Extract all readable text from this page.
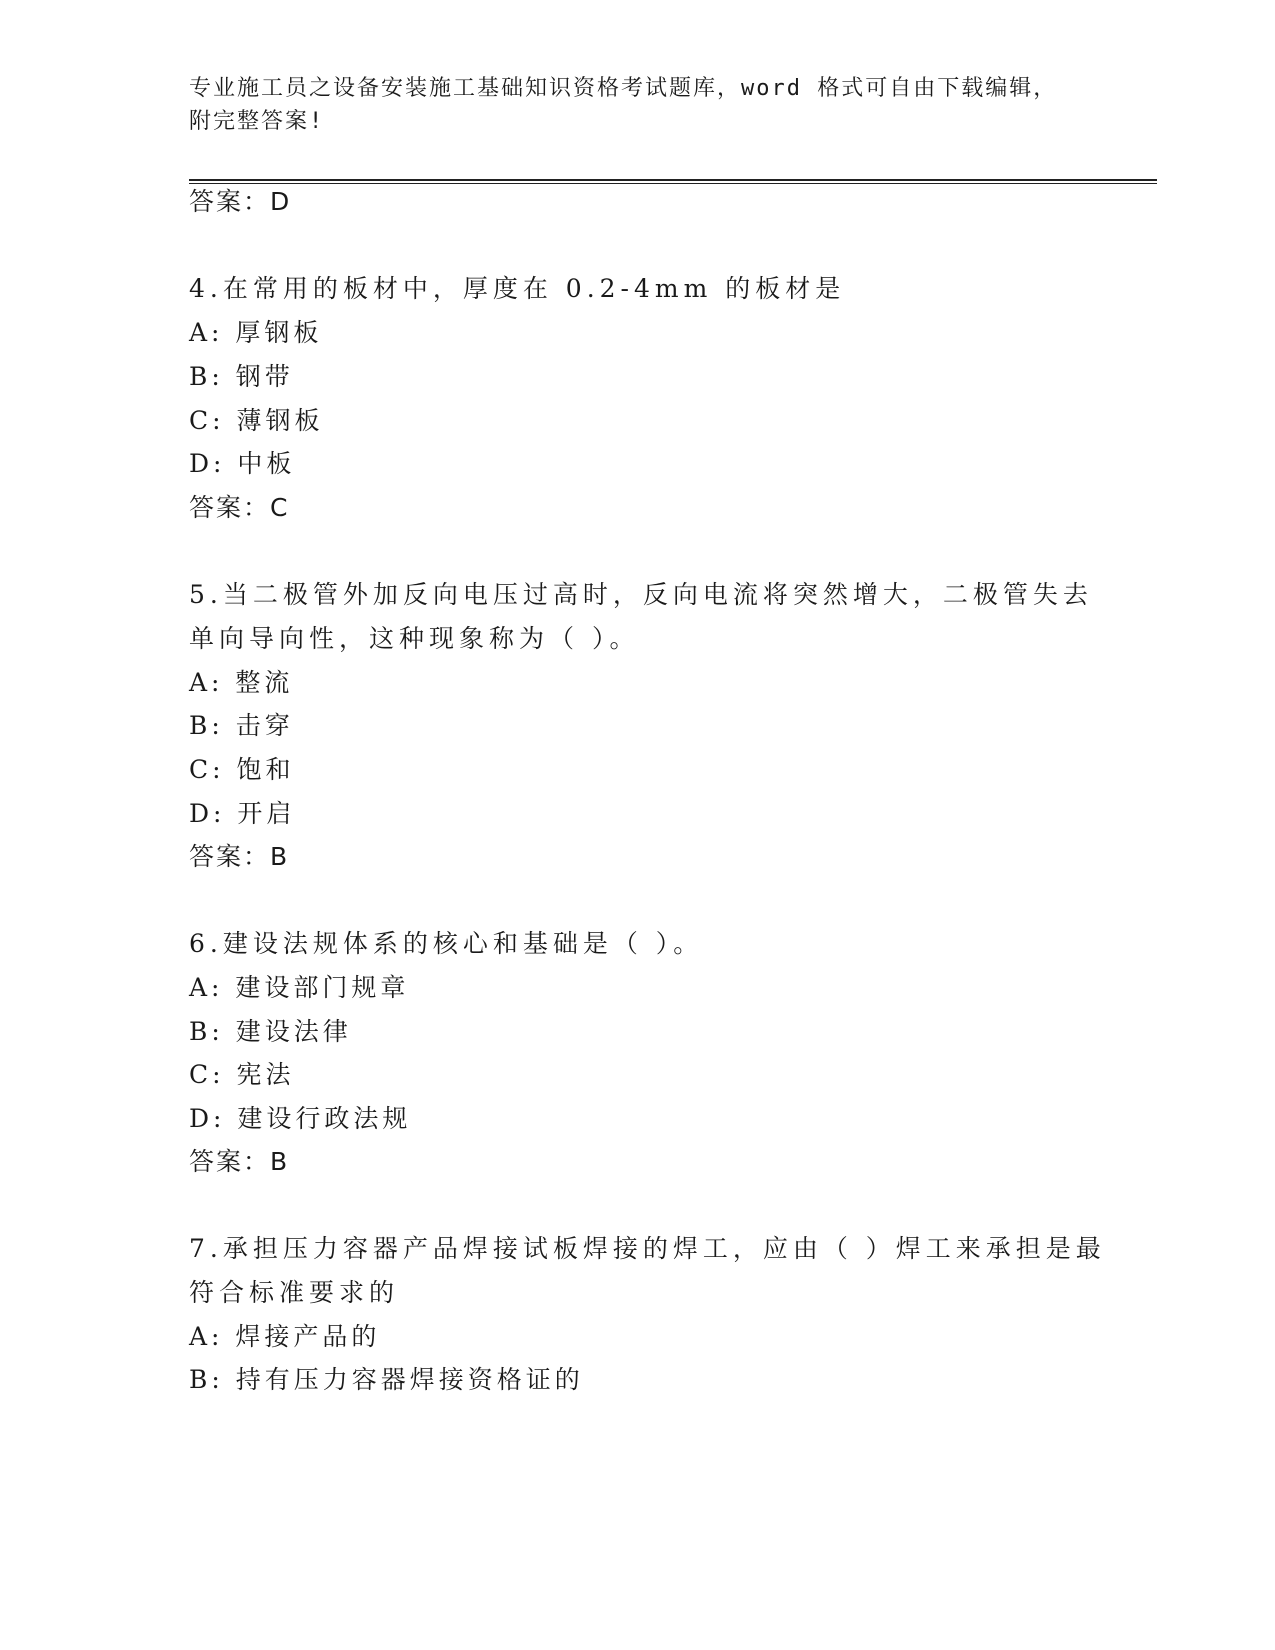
专业施工员之设备安装施工基础知识资格考试题库，word 格式可自由下载编辑，
附完整答案!
答案：D
4.在常用的板材中，厚度在 0.2-4mm 的板材是
A: 厚钢板
B: 钢带
C: 薄钢板
D: 中板
答案：C
5.当二极管外加反向电压过高时，反向电流将突然增大，二极管失去
单向导向性，这种现象称为（ ）。
A: 整流
B: 击穿
C: 饱和
D: 开启
答案：B
6.建设法规体系的核心和基础是（ ）。
A: 建设部门规章
B: 建设法律
C: 宪法
D: 建设行政法规
答案：B
7.承担压力容器产品焊接试板焊接的焊工，应由（ ）焊工来承担是最
符合标准要求的
A: 焊接产品的
B: 持有压力容器焊接资格证的
